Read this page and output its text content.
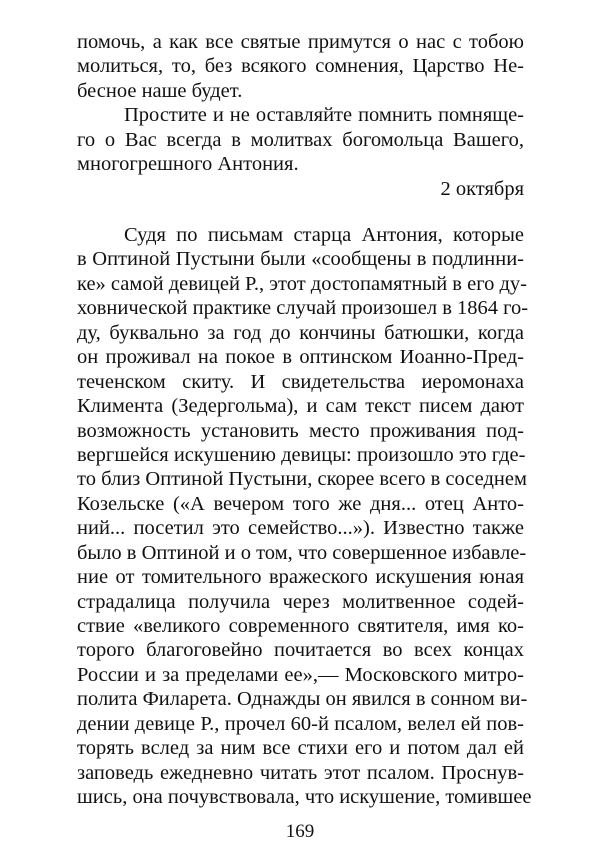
помочь, а как все святые примутся о нас с тобою
молиться, то, без всякого сомнения, Царство Не-
бесное наше будет.
Простите и не оставляйте помнить помняще-
го о Вас всегда в молитвах богомольца Вашего,
многогрешного Антония.
2 октября
Судя по письмам старца Антония, которые
в Оптиной Пустыни были «сообщены в подлинни-
ке» самой девицей Р., этот достопамятный в его ду-
ховнической практике случай произошел в 1864 го-
ду, буквально за год до кончины батюшки, когда
он проживал на покое в оптинском Иоанно-Пред-
теченском скиту. И свидетельства иеромонаха
Климента (Зедергольма), и сам текст писем дают
возможность установить место проживания под-
вергшейся искушению девицы: произошло это где-
то близ Оптиной Пустыни, скорее всего в соседнем
Козельске («А вечером того же дня... отец Анто-
ний... посетил это семейство...»). Известно также
было в Оптиной и о том, что совершенное избавле-
ние от томительного вражеского искушения юная
страдалица получила через молитвенное содей-
ствие «великого современного святителя, имя ко-
торого благоговейно почитается во всех концах
России и за пределами ее»,— Московского митро-
полита Филарета. Однажды он явился в сонном ви-
дении девице Р., прочел 60-й псалом, велел ей пов-
торять вслед за ним все стихи его и потом дал ей
заповедь ежедневно читать этот псалом. Проснув-
шись, она почувствовала, что искушение, томившее
169
